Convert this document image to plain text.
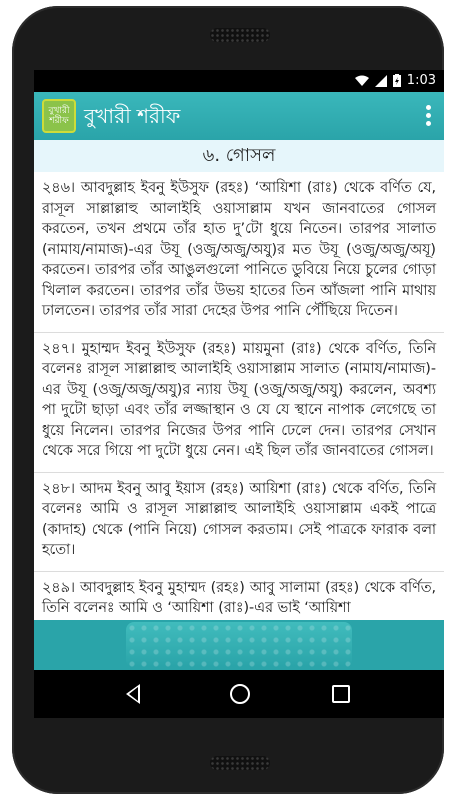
1:03
বুখারী শরীফ বুখারী শরীফ
৬. গোসল

২৪৬। আবদুল্লাহ ইবনু ইউসুফ (রহঃ) ‘আয়িশা (রাঃ) থেকে বর্ণিত যে, রাসূল সাল্লাল্লাহু আলাইহি ওয়াসাল্লাম যখন জানবাতের গোসল করতেন, তখন প্রথমে তাঁর হাত দু’টো ধুয়ে নিতেন। তারপর সালাত (নামায/নামাজ)-এর উযূ (ওজু/অজু/অযু)র মত উযূ (ওজু/অজু/অযূ) করতেন। তারপর তাঁর আঙুলগুলো পানিতে ডুবিয়ে নিয়ে চুলের গোড়া খিলাল করতেন। তারপর তাঁর উভয় হাতের তিন আঁজলা পানি মাথায় ঢালতেন। তারপর তাঁর সারা দেহের উপর পানি পৌঁছিয়ে দিতেন।

২৪৭। মুহাম্মদ ইবনু ইউসুফ (রহঃ) মায়মুনা (রাঃ) থেকে বর্ণিত, তিনি বলেনঃ রাসূল সাল্লাল্লাহু আলাইহি ওয়াসাল্লাম সালাত (নামায/নামাজ)-এর উযূ (ওজু/অজু/অযু)র ন্যায় উযূ (ওজু/অজু/অযু) করলেন, অবশ্য পা দুটো ছাড়া এবং তাঁর লজ্জাস্থান ও যে যে স্থানে নাপাক লেগেছে তা ধুয়ে নিলেন। তারপর নিজের উপর পানি ঢেলে দেন। তারপর সেখান থেকে সরে গিয়ে পা দুটো ধুয়ে নেন। এই ছিল তাঁর জানবাতের গোসল।

২৪৮। আদম ইবনু আবু ইয়াস (রহঃ) আয়িশা (রাঃ) থেকে বর্ণিত, তিনি বলেনঃ আমি ও রাসূল সাল্লাল্লাহু আলাইহি ওয়াসাল্লাম একই পাত্রে (কাদাহ) থেকে (পানি নিয়ে) গোসল করতাম। সেই পাত্রকে ফারাক বলা হতো।

২৪৯। আবদুল্লাহ ইবনু মুহাম্মদ (রহঃ) আবু সালামা (রহঃ) থেকে বর্ণিত, তিনি বলেনঃ আমি ও ‘আয়িশা (রাঃ)-এর ভাই ‘আয়িশা
